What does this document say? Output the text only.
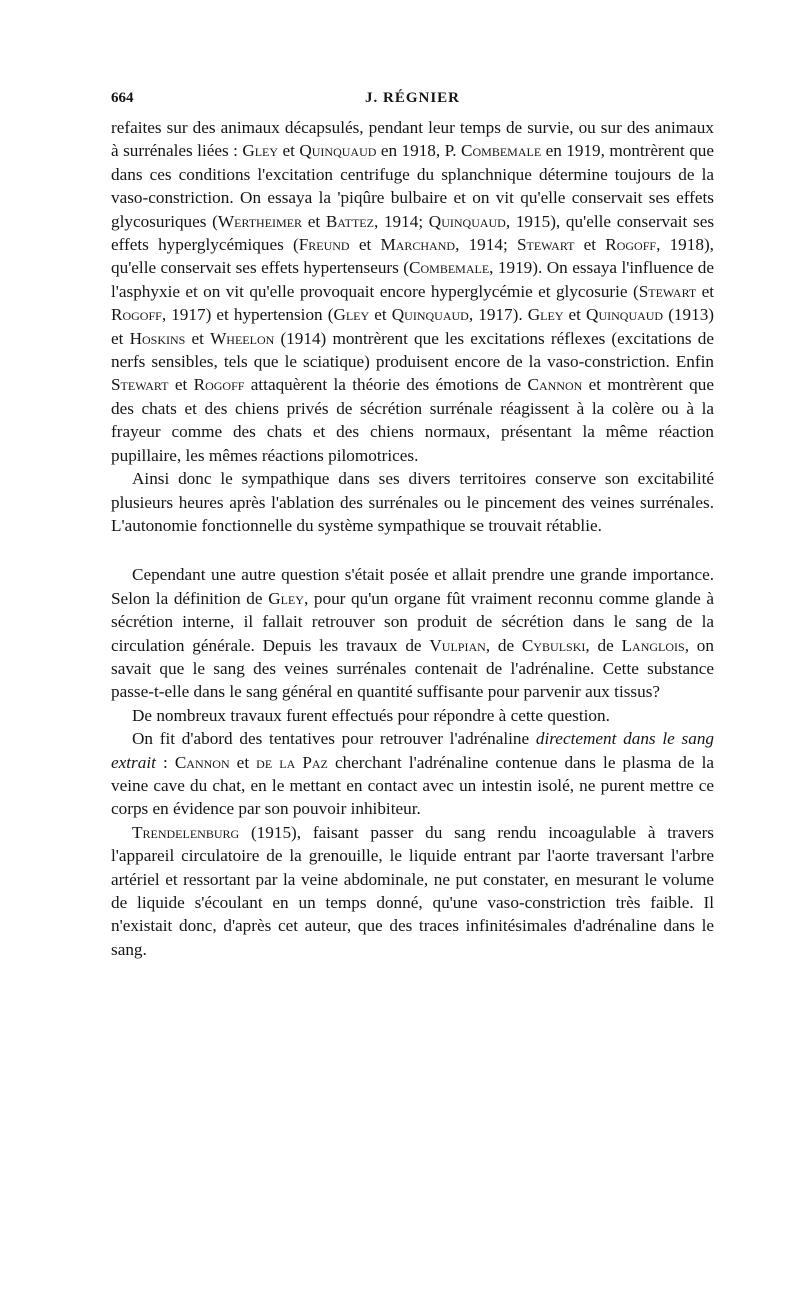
664	J. RÉGNIER

refaites sur des animaux décapsulés, pendant leur temps de survie, ou sur des animaux à surrénales liées : Gley et Quinquaud en 1918, P. Combemale en 1919, montrèrent que dans ces conditions l'excitation centrifuge du splanchnique détermine toujours de la vaso-constriction. On essaya la 'piqûre bulbaire et on vit qu'elle conservait ses effets glycosuriques (Wertheimer et Battez, 1914; Quinquaud, 1915), qu'elle conservait ses effets hyperglycémiques (Freund et Marchand, 1914; Stewart et Rogoff, 1918), qu'elle conservait ses effets hypertenseurs (Combemale, 1919). On essaya l'influence de l'asphyxie et on vit qu'elle provoquait encore hyperglycémie et glycosurie (Stewart et Rogoff, 1917) et hypertension (Gley et Quinquaud, 1917). Gley et Quinquaud (1913) et Hoskins et Wheelon (1914) montrèrent que les excitations réflexes (excitations de nerfs sensibles, tels que le sciatique) produisent encore de la vaso-constriction. Enfin Stewart et Rogoff attaquèrent la théorie des émotions de Cannon et montrèrent que des chats et des chiens privés de sécrétion surrénale réagissent à la colère ou à la frayeur comme des chats et des chiens normaux, présentant la même réaction pupillaire, les mêmes réactions pilomotrices.

Ainsi donc le sympathique dans ses divers territoires conserve son excitabilité plusieurs heures après l'ablation des surrénales ou le pincement des veines surrénales. L'autonomie fonctionnelle du système sympathique se trouvait rétablie.

Cependant une autre question s'était posée et allait prendre une grande importance. Selon la définition de Gley, pour qu'un organe fût vraiment reconnu comme glande à sécrétion interne, il fallait retrouver son produit de sécrétion dans le sang de la circulation générale. Depuis les travaux de Vulpian, de Cybulski, de Langlois, on savait que le sang des veines surrénales contenait de l'adrénaline. Cette substance passe-t-elle dans le sang général en quantité suffisante pour parvenir aux tissus?

De nombreux travaux furent effectués pour répondre à cette question.

On fit d'abord des tentatives pour retrouver l'adrénaline directement dans le sang extrait : Cannon et de la Paz cherchant l'adrénaline contenue dans le plasma de la veine cave du chat, en le mettant en contact avec un intestin isolé, ne purent mettre ce corps en évidence par son pouvoir inhibiteur.

Trendelenburg (1915), faisant passer du sang rendu incoagulable à travers l'appareil circulatoire de la grenouille, le liquide entrant par l'aorte traversant l'arbre artériel et ressortant par la veine abdominale, ne put constater, en mesurant le volume de liquide s'écoulant en un temps donné, qu'une vaso-constriction très faible. Il n'existait donc, d'après cet auteur, que des traces infinitésimales d'adrénaline dans le sang.
